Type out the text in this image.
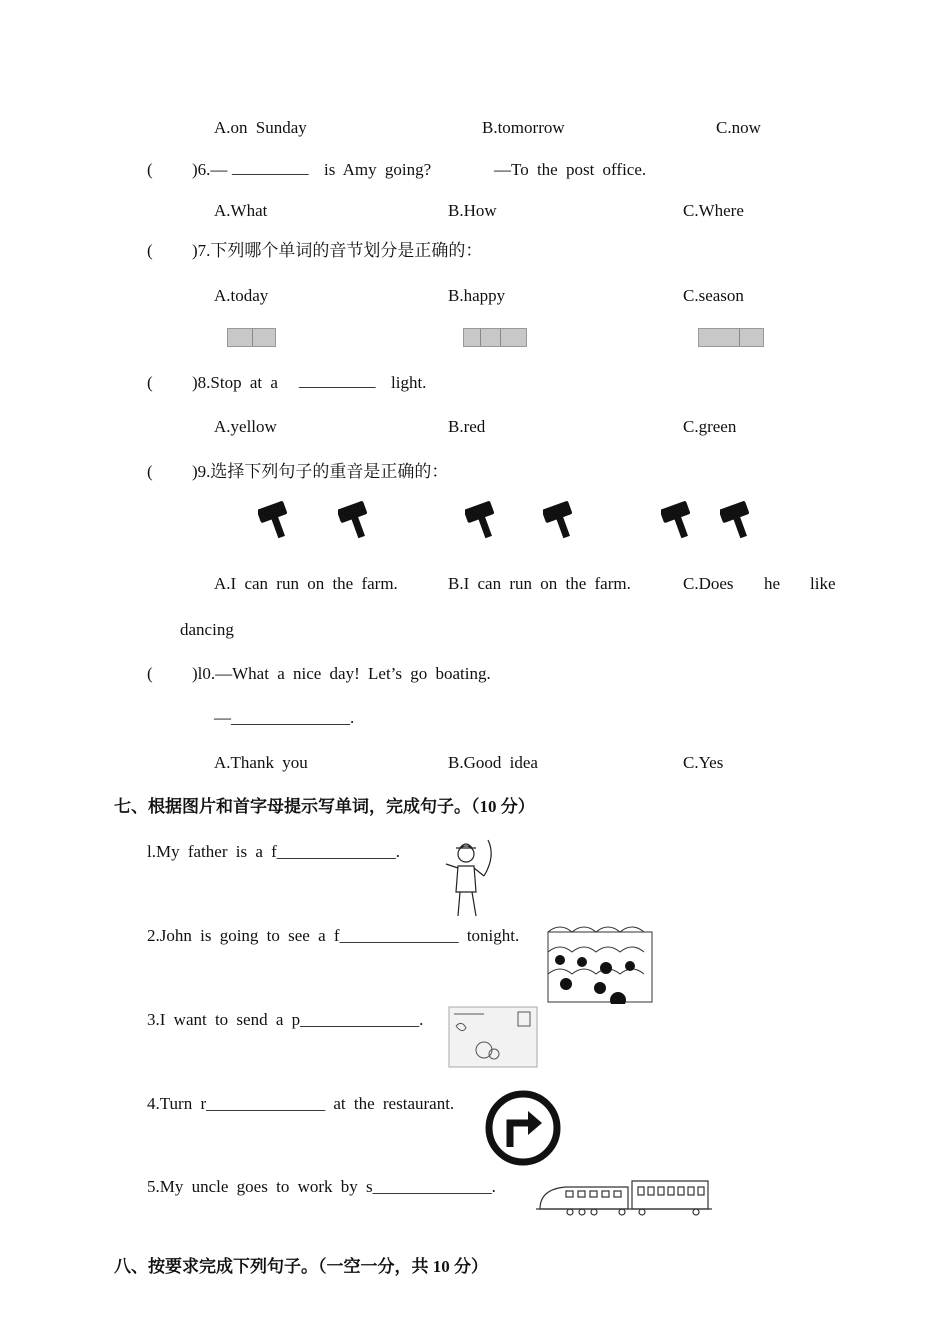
A.on Sunday	B.tomorrow	C.now
( )6.— _________ is Amy going?	—To the post office.
A.What	B.How	C.Where
( )7.下列哪个单词的音节划分是正确的：
A.today	B.happy	C.season
( )8.Stop at a _________ light.
A.yellow	B.red	C.green
( )9.选择下列句子的重音是正确的：
A.I can run on the farm.	B.I can run on the farm.	C.Does he like
dancing
( )l0.—What a nice day! Let’s go boating.
—______________.
A.Thank you	B.Good idea	C.Yes
七、根据图片和首字母提示写单词，完成句子。（10 分）
l.My father is a f______________.
2.John is going to see a f______________ tonight.
3.I want to send a p______________.
4.Turn r______________ at the restaurant.
5.My uncle goes to work by s______________.
八、按要求完成下列句子。（一空一分，共 10 分）
